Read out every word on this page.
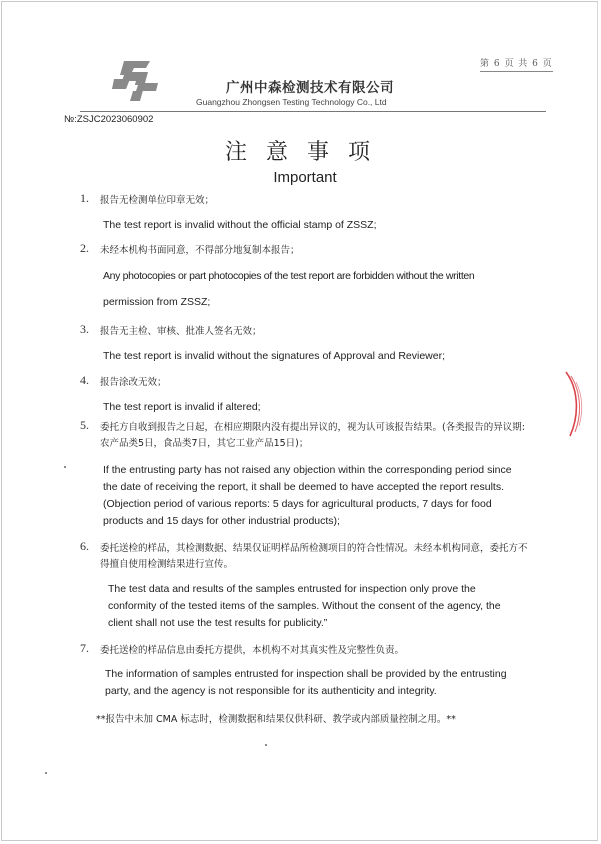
第 6 页 共 6 页
广州中森检测技术有限公司
Guangzhou Zhongsen Testing Technology Co., Ltd
№:ZSJC2023060902
注 意 事 项
Important
1. 报告无检测单位印章无效；
The test report is invalid without the official stamp of ZSSZ;
2. 未经本机构书面同意，不得部分地复制本报告；
Any photocopies or part photocopies of the test report are forbidden without the written
permission from ZSSZ;
3. 报告无主检、审核、批准人签名无效；
The test report is invalid without the signatures of Approval and Reviewer;
4. 报告涂改无效；
The test report is invalid if altered;
5. 委托方自收到报告之日起，在相应期限内没有提出异议的，视为认可该报告结果。(各类报告的异议期:
农产品类5日，食品类7日，其它工业产品15日)；
If the entrusting party has not raised any objection within the corresponding period since
the date of receiving the report, it shall be deemed to have accepted the report results.
(Objection period of various reports: 5 days for agricultural products, 7 days for food
products and 15 days for other industrial products);
6. 委托送检的样品，其检测数据、结果仅证明样品所检测项目的符合性情况。未经本机构同意，委托方不
得擅自使用检测结果进行宣传。
The test data and results of the samples entrusted for inspection only prove the
conformity of the tested items of the samples. Without the consent of the agency, the
client shall not use the test results for publicity.”
7. 委托送检的样品信息由委托方提供，本机构不对其真实性及完整性负责。
The information of samples entrusted for inspection shall be provided by the entrusting
party, and the agency is not responsible for its authenticity and integrity.
**报告中未加 CMA 标志时，检测数据和结果仅供科研、教学或内部质量控制之用。**
